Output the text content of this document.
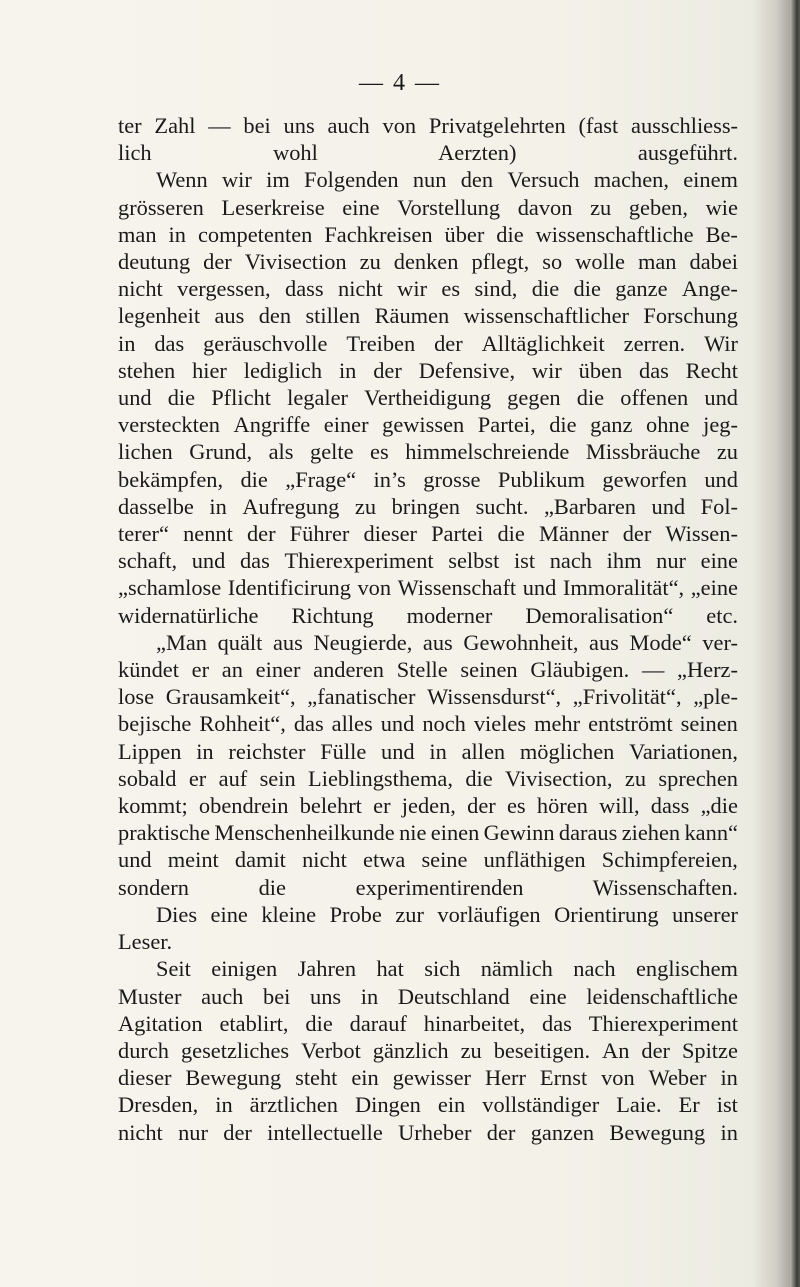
— 4 —

ter Zahl — bei uns auch von Privatgelehrten (fast ausschliess-
lich wohl Aerzten) ausgeführt.

Wenn wir im Folgenden nun den Versuch machen, einem
grösseren Leserkreise eine Vorstellung davon zu geben, wie
man in competenten Fachkreisen über die wissenschaftliche Be-
deutung der Vivisection zu denken pflegt, so wolle man dabei
nicht vergessen, dass nicht wir es sind, die die ganze Ange-
legenheit aus den stillen Räumen wissenschaftlicher Forschung
in das geräuschvolle Treiben der Alltäglichkeit zerren. Wir
stehen hier lediglich in der Defensive, wir üben das Recht
und die Pflicht legaler Vertheidigung gegen die offenen und
versteckten Angriffe einer gewissen Partei, die ganz ohne jeg-
lichen Grund, als gelte es himmelschreiende Missbräuche zu
bekämpfen, die „Frage“ in’s grosse Publikum geworfen und
dasselbe in Aufregung zu bringen sucht. „Barbaren und Fol-
terer“ nennt der Führer dieser Partei die Männer der Wissen-
schaft, und das Thierexperiment selbst ist nach ihm nur eine
„schamlose Identificirung von Wissenschaft und Immoralität“, „eine
widernatürliche Richtung moderner Demoralisation“ etc.

„Man quält aus Neugierde, aus Gewohnheit, aus Mode“ ver-
kündet er an einer anderen Stelle seinen Gläubigen. — „Herz-
lose Grausamkeit“, „fanatischer Wissensdurst“, „Frivolität“, „ple-
bejische Rohheit“, das alles und noch vieles mehr entströmt seinen
Lippen in reichster Fülle und in allen möglichen Variationen,
sobald er auf sein Lieblingsthema, die Vivisection, zu sprechen
kommt; obendrein belehrt er jeden, der es hören will, dass „die
praktische Menschenheilkunde nie einen Gewinn daraus ziehen kann“
und meint damit nicht etwa seine unfläthigen Schimpfereien,
sondern die experimentirenden Wissenschaften.

Dies eine kleine Probe zur vorläufigen Orientirung unserer
Leser.

Seit einigen Jahren hat sich nämlich nach englischem
Muster auch bei uns in Deutschland eine leidenschaftliche
Agitation etablirt, die darauf hinarbeitet, das Thierexperiment
durch gesetzliches Verbot gänzlich zu beseitigen. An der Spitze
dieser Bewegung steht ein gewisser Herr Ernst von Weber in
Dresden, in ärztlichen Dingen ein vollständiger Laie. Er ist
nicht nur der intellectuelle Urheber der ganzen Bewegung in
